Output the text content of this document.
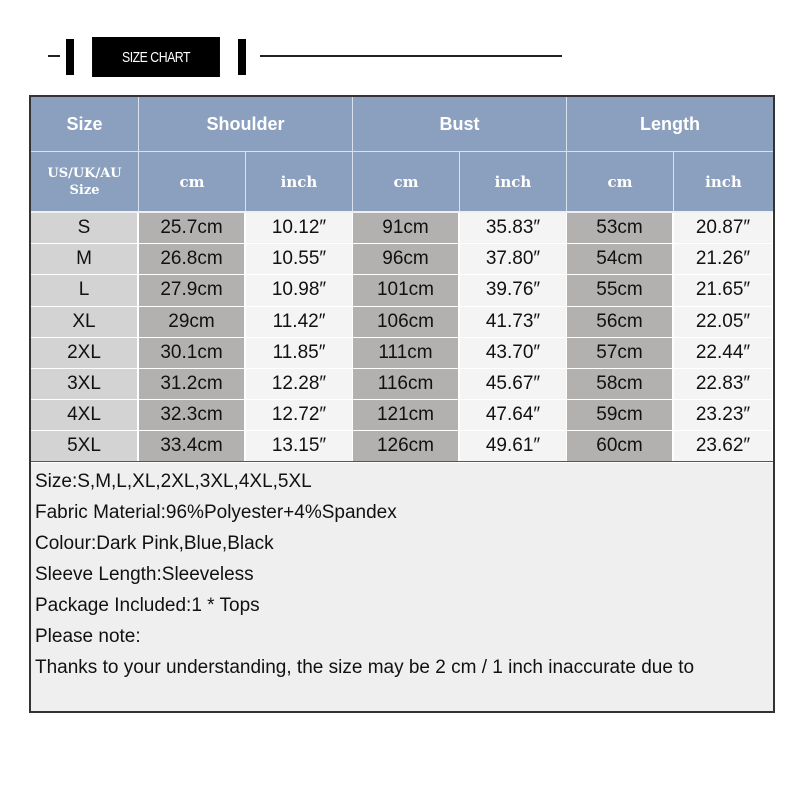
SIZE CHART
Size	Shoulder	Bust	Length
US/UK/AU
Size	cm	inch	cm	inch	cm	inch
S	25.7cm	10.12″	91cm	35.83″	53cm	20.87″
M	26.8cm	10.55″	96cm	37.80″	54cm	21.26″
L	27.9cm	10.98″	101cm	39.76″	55cm	21.65″
XL	29cm	11.42″	106cm	41.73″	56cm	22.05″
2XL	30.1cm	11.85″	111cm	43.70″	57cm	22.44″
3XL	31.2cm	12.28″	116cm	45.67″	58cm	22.83″
4XL	32.3cm	12.72″	121cm	47.64″	59cm	23.23″
5XL	33.4cm	13.15″	126cm	49.61″	60cm	23.62″
Size:S,M,L,XL,2XL,3XL,4XL,5XL
Fabric Material:96%Polyester+4%Spandex
Colour:Dark Pink,Blue,Black
Sleeve Length:Sleeveless
Package Included:1 * Tops
Please note:
Thanks to your understanding, the size may be 2 cm / 1 inch inaccurate due to
